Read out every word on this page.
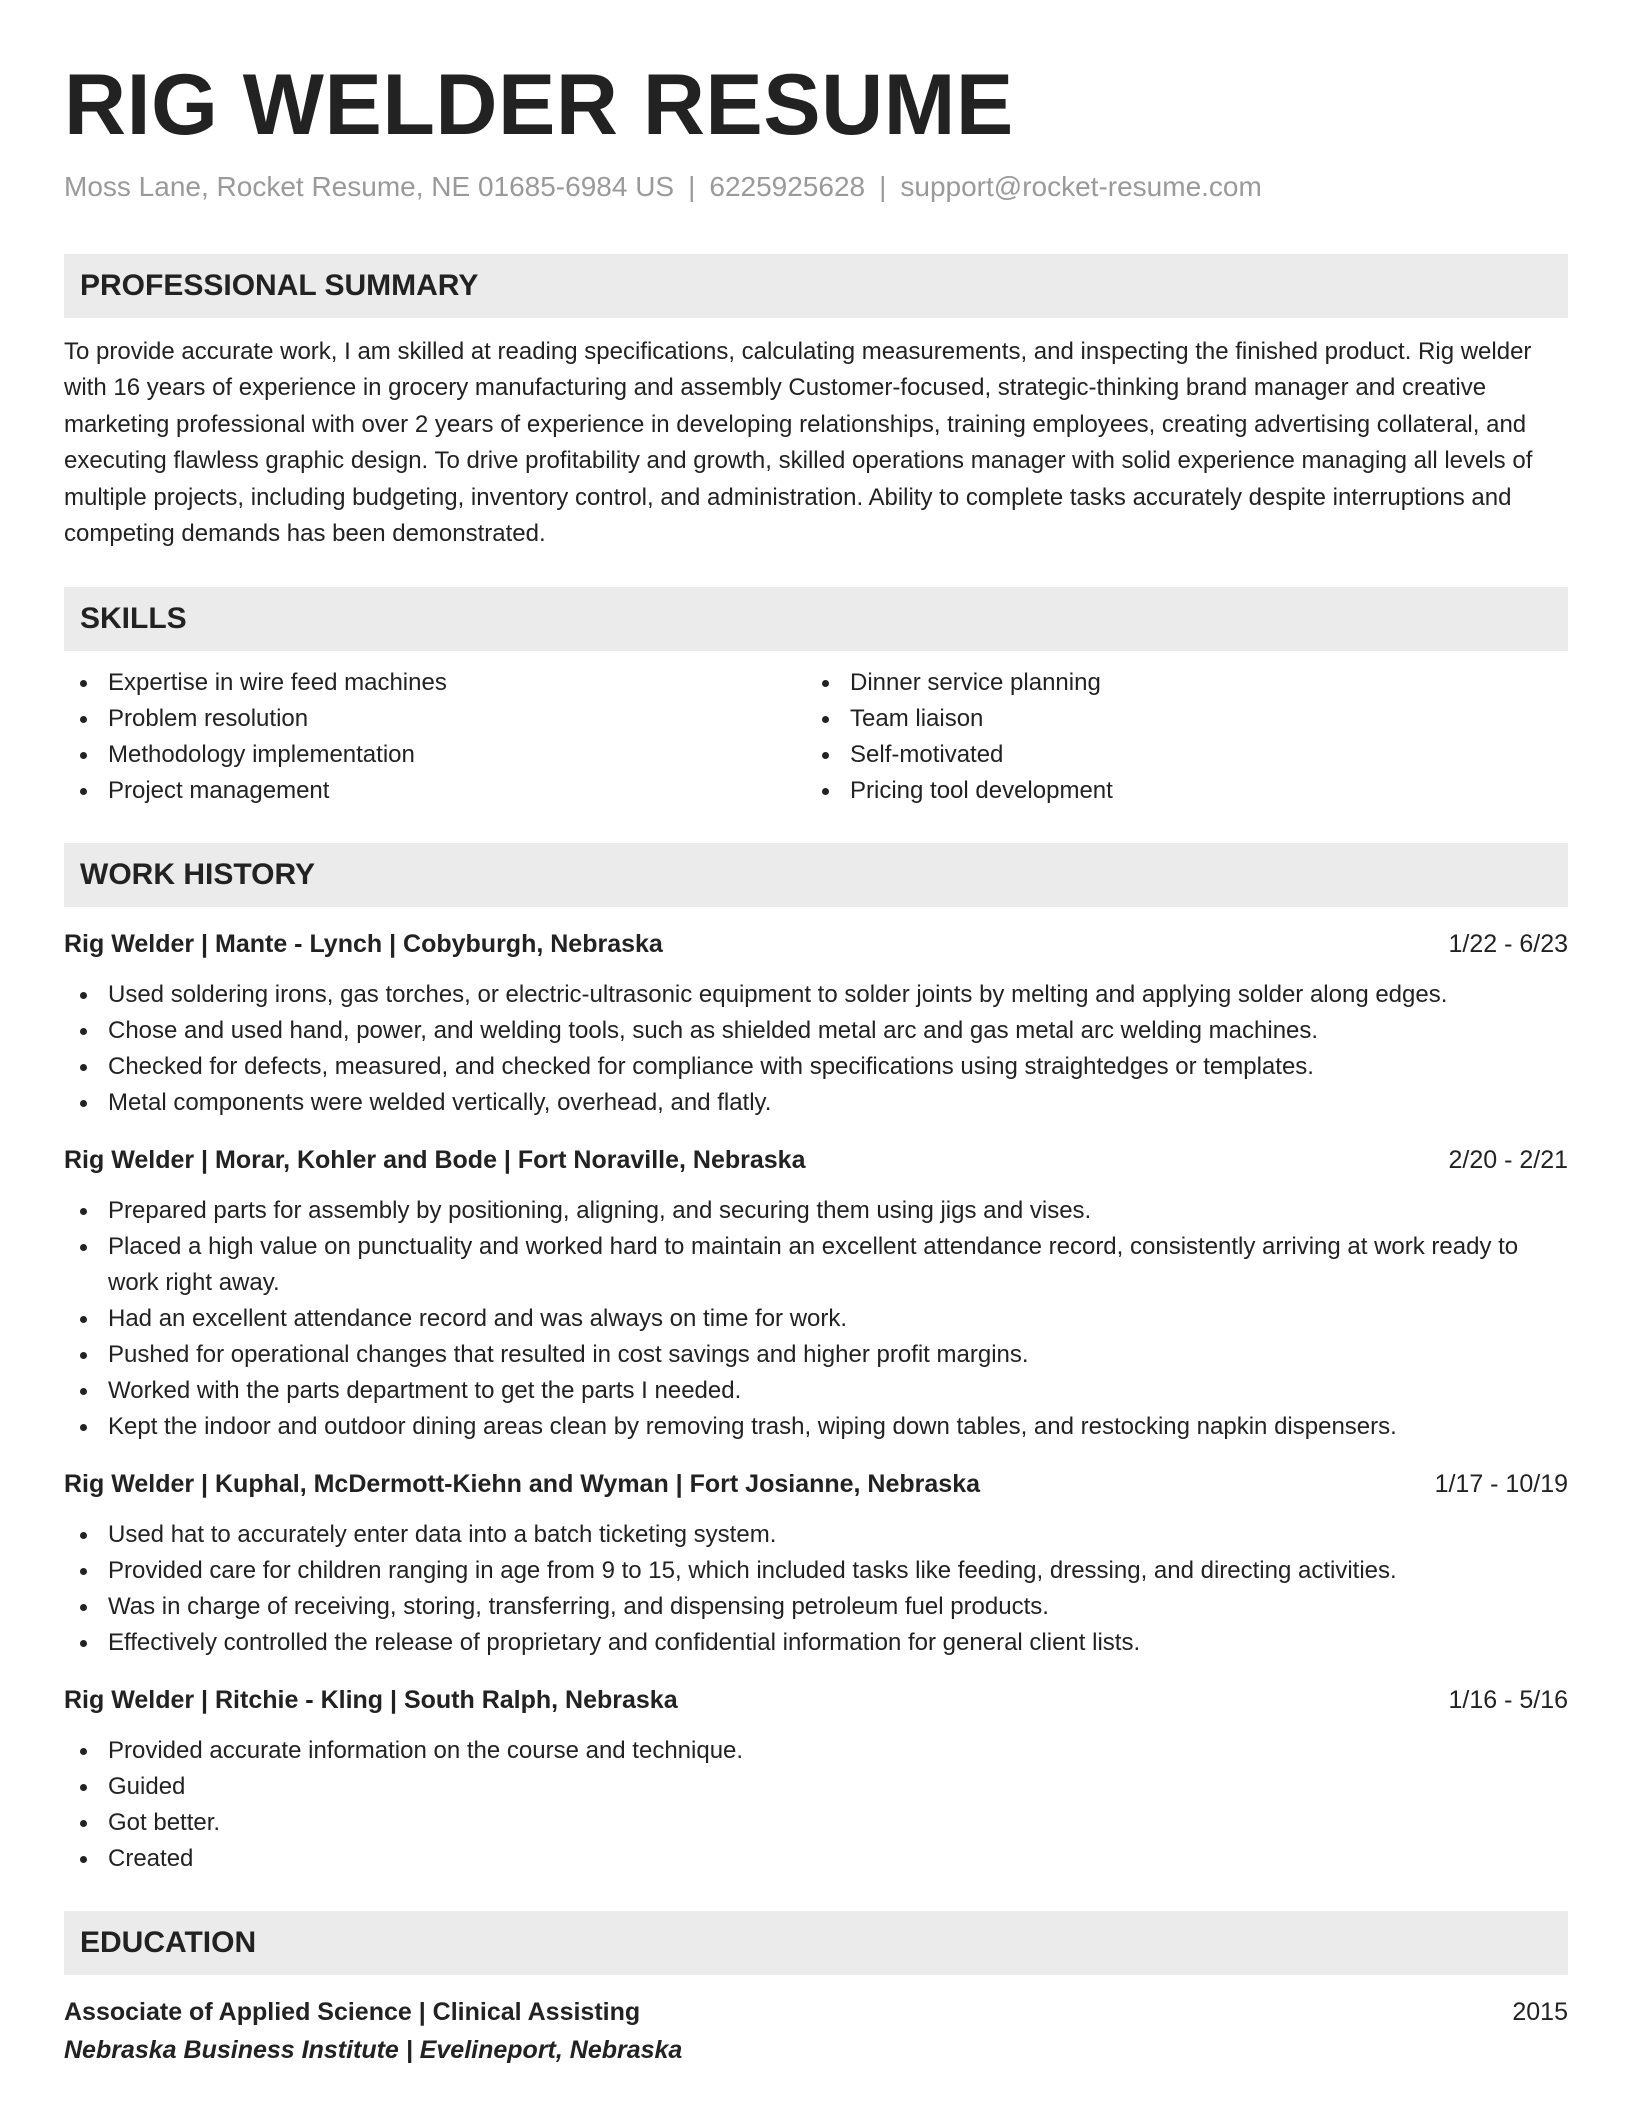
RIG WELDER RESUME
Moss Lane, Rocket Resume, NE 01685-6984 US | 6225925628 | support@rocket-resume.com
PROFESSIONAL SUMMARY
To provide accurate work, I am skilled at reading specifications, calculating measurements, and inspecting the finished product. Rig welder with 16 years of experience in grocery manufacturing and assembly Customer-focused, strategic-thinking brand manager and creative marketing professional with over 2 years of experience in developing relationships, training employees, creating advertising collateral, and executing flawless graphic design. To drive profitability and growth, skilled operations manager with solid experience managing all levels of multiple projects, including budgeting, inventory control, and administration. Ability to complete tasks accurately despite interruptions and competing demands has been demonstrated.
SKILLS
Expertise in wire feed machines
Problem resolution
Methodology implementation
Project management
Dinner service planning
Team liaison
Self-motivated
Pricing tool development
WORK HISTORY
Rig Welder | Mante - Lynch | Cobyburgh, Nebraska	1/22 - 6/23
Used soldering irons, gas torches, or electric-ultrasonic equipment to solder joints by melting and applying solder along edges.
Chose and used hand, power, and welding tools, such as shielded metal arc and gas metal arc welding machines.
Checked for defects, measured, and checked for compliance with specifications using straightedges or templates.
Metal components were welded vertically, overhead, and flatly.
Rig Welder | Morar, Kohler and Bode | Fort Noraville, Nebraska	2/20 - 2/21
Prepared parts for assembly by positioning, aligning, and securing them using jigs and vises.
Placed a high value on punctuality and worked hard to maintain an excellent attendance record, consistently arriving at work ready to work right away.
Had an excellent attendance record and was always on time for work.
Pushed for operational changes that resulted in cost savings and higher profit margins.
Worked with the parts department to get the parts I needed.
Kept the indoor and outdoor dining areas clean by removing trash, wiping down tables, and restocking napkin dispensers.
Rig Welder | Kuphal, McDermott-Kiehn and Wyman | Fort Josianne, Nebraska	1/17 - 10/19
Used hat to accurately enter data into a batch ticketing system.
Provided care for children ranging in age from 9 to 15, which included tasks like feeding, dressing, and directing activities.
Was in charge of receiving, storing, transferring, and dispensing petroleum fuel products.
Effectively controlled the release of proprietary and confidential information for general client lists.
Rig Welder | Ritchie - Kling | South Ralph, Nebraska	1/16 - 5/16
Provided accurate information on the course and technique.
Guided
Got better.
Created
EDUCATION
Associate of Applied Science | Clinical Assisting	2015
Nebraska Business Institute | Evelineport, Nebraska
